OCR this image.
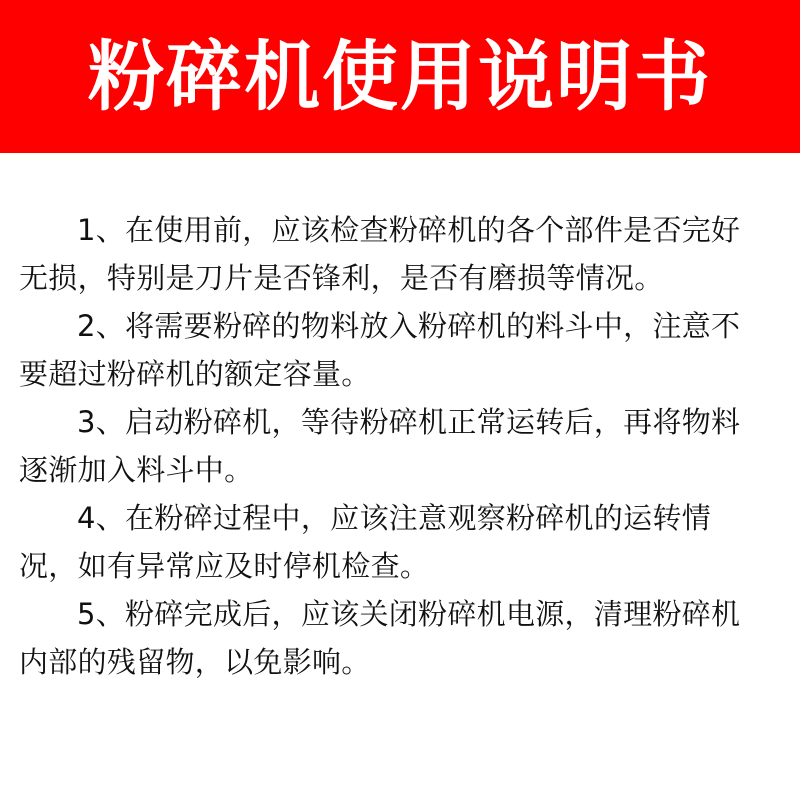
粉碎机使用说明书
1、在使用前，应该检查粉碎机的各个部件是否完好无损，特别是刀片是否锋利，是否有磨损等情况。
2、将需要粉碎的物料放入粉碎机的料斗中，注意不要超过粉碎机的额定容量。
3、启动粉碎机，等待粉碎机正常运转后，再将物料逐渐加入料斗中。
4、在粉碎过程中，应该注意观察粉碎机的运转情况，如有异常应及时停机检查。
5、粉碎完成后，应该关闭粉碎机电源，清理粉碎机内部的残留物，以免影响。
